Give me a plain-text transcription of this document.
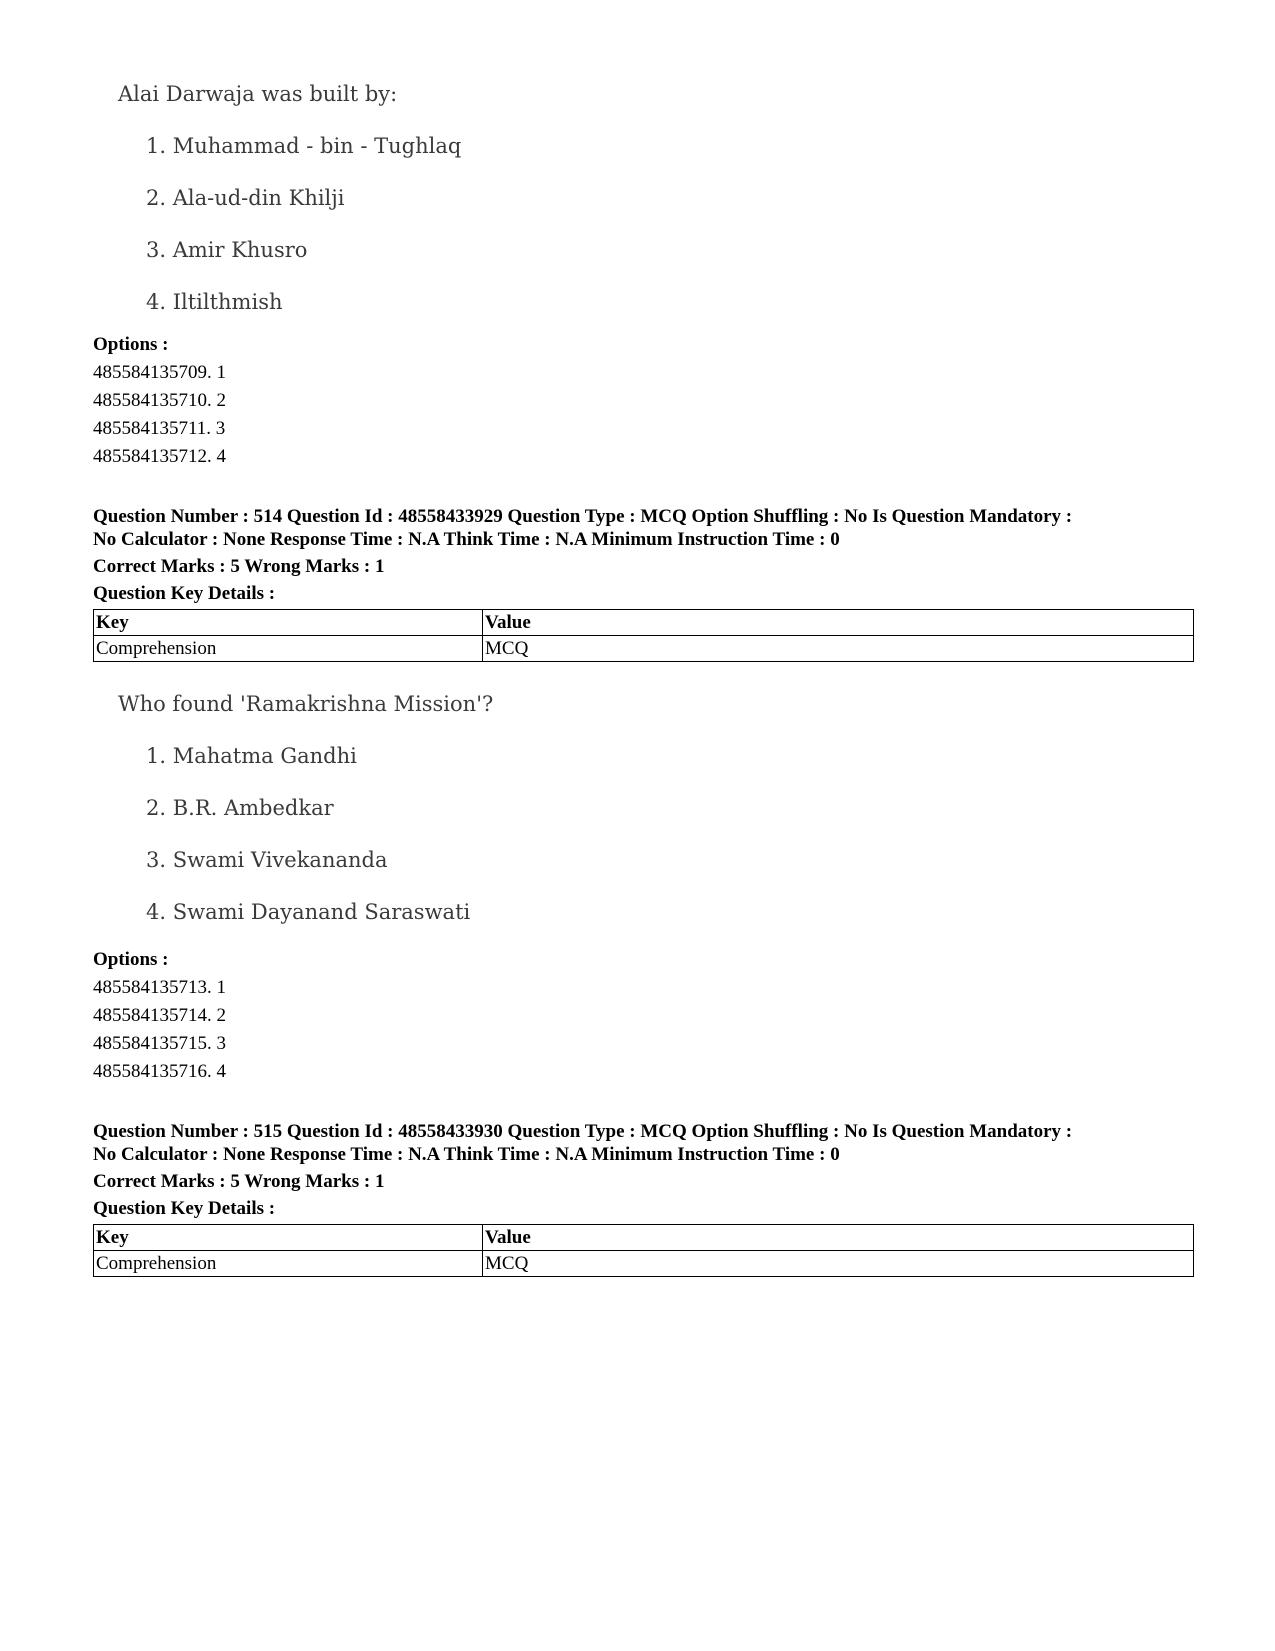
Alai Darwaja was built by:
1. Muhammad - bin - Tughlaq
2. Ala-ud-din Khilji
3. Amir Khusro
4. Iltilthmish
Options :
485584135709. 1
485584135710. 2
485584135711. 3
485584135712. 4
Question Number : 514 Question Id : 48558433929 Question Type : MCQ Option Shuffling : No Is Question Mandatory :
No Calculator : None Response Time : N.A Think Time : N.A Minimum Instruction Time : 0
Correct Marks : 5 Wrong Marks : 1
Question Key Details :
Key	Value
Comprehension	MCQ
Who found 'Ramakrishna Mission'?
1. Mahatma Gandhi
2. B.R. Ambedkar
3. Swami Vivekananda
4. Swami Dayanand Saraswati
Options :
485584135713. 1
485584135714. 2
485584135715. 3
485584135716. 4
Question Number : 515 Question Id : 48558433930 Question Type : MCQ Option Shuffling : No Is Question Mandatory :
No Calculator : None Response Time : N.A Think Time : N.A Minimum Instruction Time : 0
Correct Marks : 5 Wrong Marks : 1
Question Key Details :
Key	Value
Comprehension	MCQ
